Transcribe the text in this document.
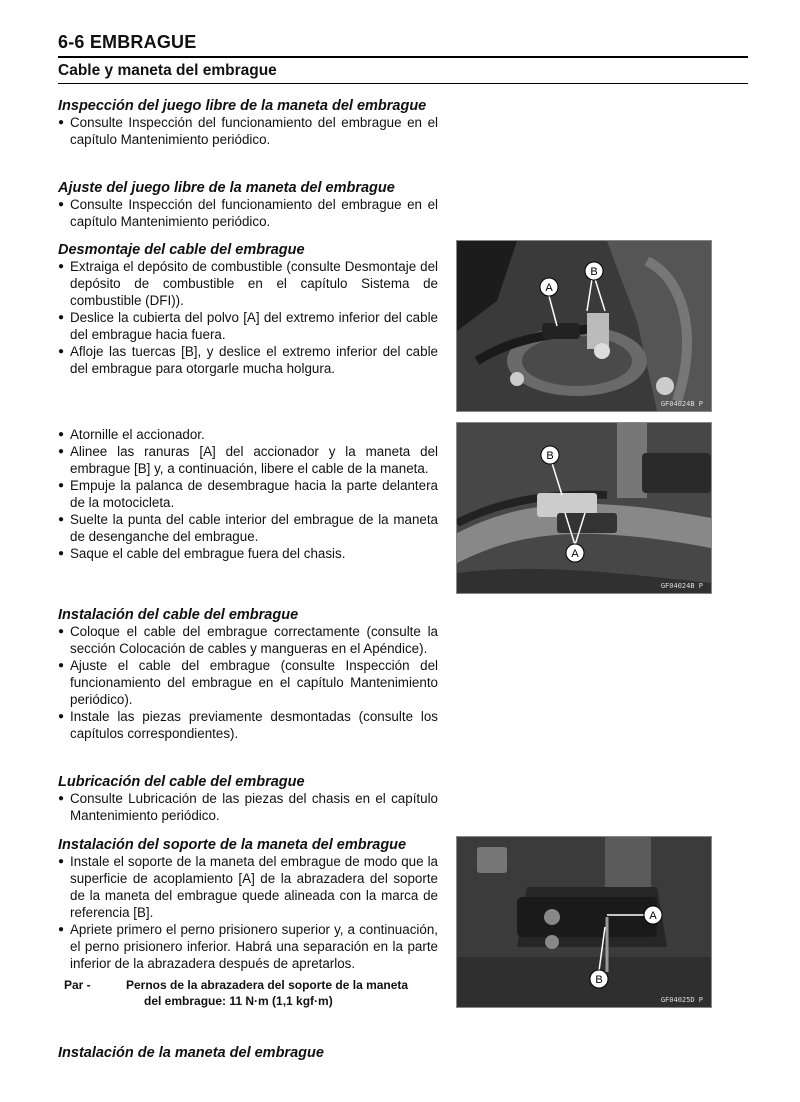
6-6 EMBRAGUE
Cable y maneta del embrague
Inspección del juego libre de la maneta del embrague
● Consulte Inspección del funcionamiento del embrague en el capítulo Mantenimiento periódico.
Ajuste del juego libre de la maneta del embrague
● Consulte Inspección del funcionamiento del embrague en el capítulo Mantenimiento periódico.
Desmontaje del cable del embrague
● Extraiga el depósito de combustible (consulte Desmontaje del depósito de combustible en el capítulo Sistema de combustible (DFI)).
● Deslice la cubierta del polvo [A] del extremo inferior del cable del embrague hacia fuera.
● Afloje las tuercas [B], y deslice el extremo inferior del cable del embrague para otorgarle mucha holgura.
● Atornille el accionador.
● Alinee las ranuras [A] del accionador y la maneta del embrague [B] y, a continuación, libere el cable de la maneta.
● Empuje la palanca de desembrague hacia la parte delantera de la motocicleta.
● Suelte la punta del cable interior del embrague de la maneta de desenganche del embrague.
● Saque el cable del embrague fuera del chasis.
Instalación del cable del embrague
● Coloque el cable del embrague correctamente (consulte la sección Colocación de cables y mangueras en el Apéndice).
● Ajuste el cable del embrague (consulte Inspección del funcionamiento del embrague en el capítulo Mantenimiento periódico).
● Instale las piezas previamente desmontadas (consulte los capítulos correspondientes).
Lubricación del cable del embrague
● Consulte Lubricación de las piezas del chasis en el capítulo Mantenimiento periódico.
Instalación del soporte de la maneta del embrague
● Instale el soporte de la maneta del embrague de modo que la superficie de acoplamiento [A] de la abrazadera del soporte de la maneta del embrague quede alineada con la marca de referencia [B].
● Apriete primero el perno prisionero superior y, a continuación, el perno prisionero inferior. Habrá una separación en la parte inferior de la abrazadera después de apretarlos.
Par -	Pernos de la abrazadera del soporte de la maneta
del embrague: 11 N·m (1,1 kgf·m)
Instalación de la maneta del embrague
A
B
GF04024B P
B
A
GF04024B P
A
B
GF04025D P
